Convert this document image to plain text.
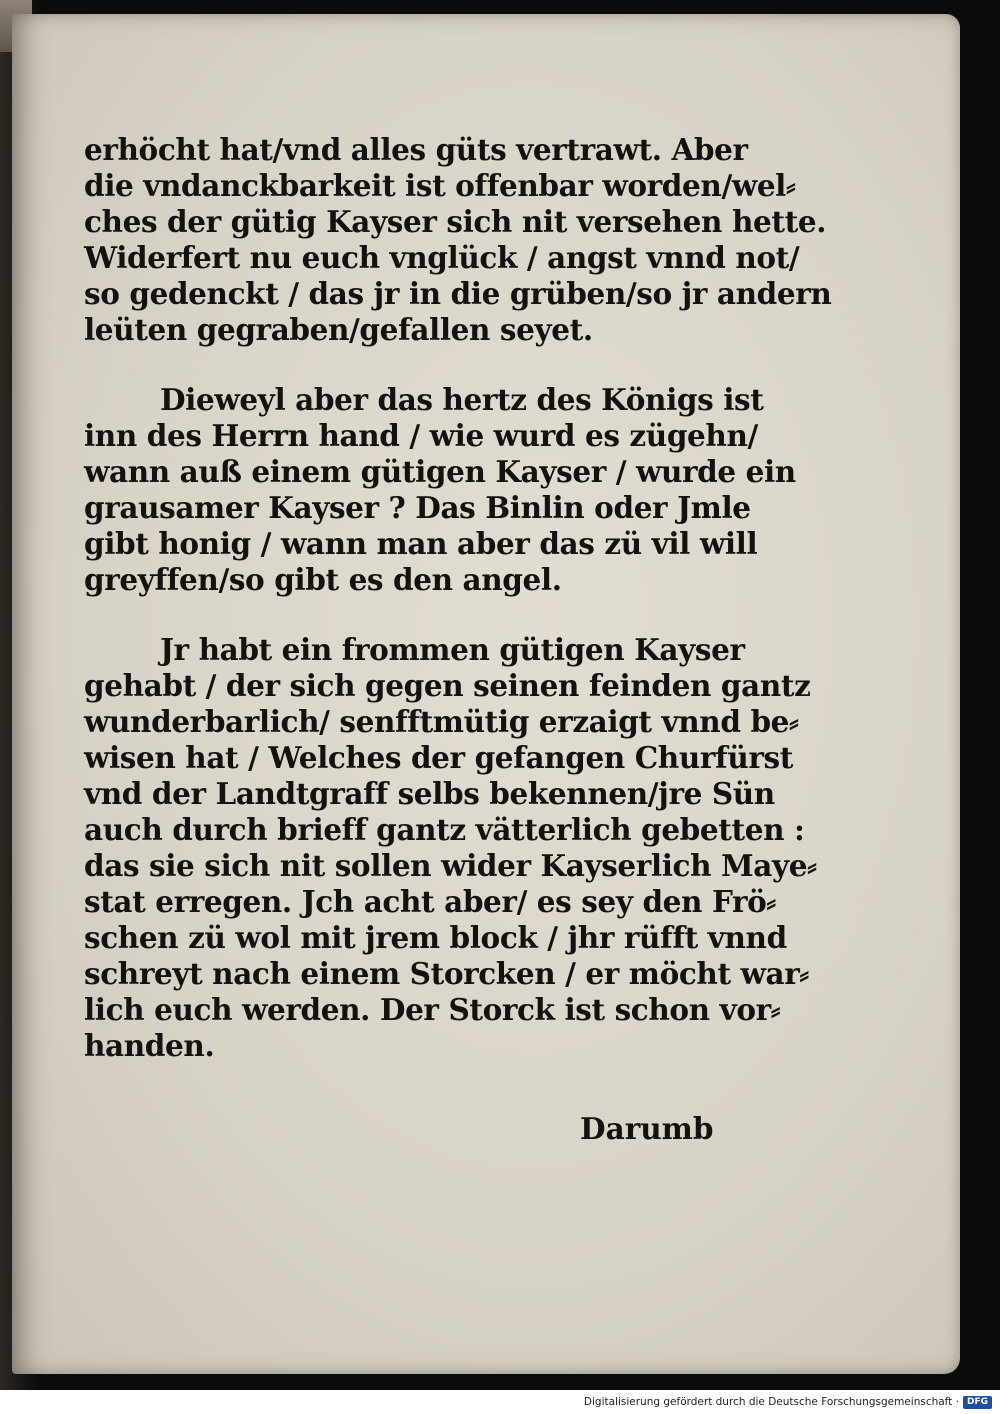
erhöcht hat/vnd alles güts vertrawt. Aber
die vndanckbarkeit ist offenbar worden/wel⸗
ches der gütig Kayser sich nit versehen hette.
Widerfert nu euch vnglück / angst vnnd not/
so gedenckt / das jr in die grüben/so jr andern
leüten gegraben/gefallen seyet.
Dieweyl aber das hertz des Königs ist
inn des Herrn hand / wie wurd es zügehn/
wann auß einem gütigen Kayser / wurde ein
grausamer Kayser ? Das Binlin oder Jmle
gibt honig / wann man aber das zü vil will
greyffen/so gibt es den angel.
Jr habt ein frommen gütigen Kayser
gehabt / der sich gegen seinen feinden gantz
wunderbarlich/ senfftmütig erzaigt vnnd be⸗
wisen hat / Welches der gefangen Churfürst
vnd der Landtgraff selbs bekennen/jre Sün
auch durch brieff gantz vätterlich gebetten :
das sie sich nit sollen wider Kayserlich Maye⸗
stat erregen. Jch acht aber/ es sey den Frö⸗
schen zü wol mit jrem block / jhr rüfft vnnd
schreyt nach einem Storcken / er möcht war⸗
lich euch werden. Der Storck ist schon vor⸗
handen.
Darumb
Digitalisierung gefördert durch die Deutsche Forschungsgemeinschaft · DFG
